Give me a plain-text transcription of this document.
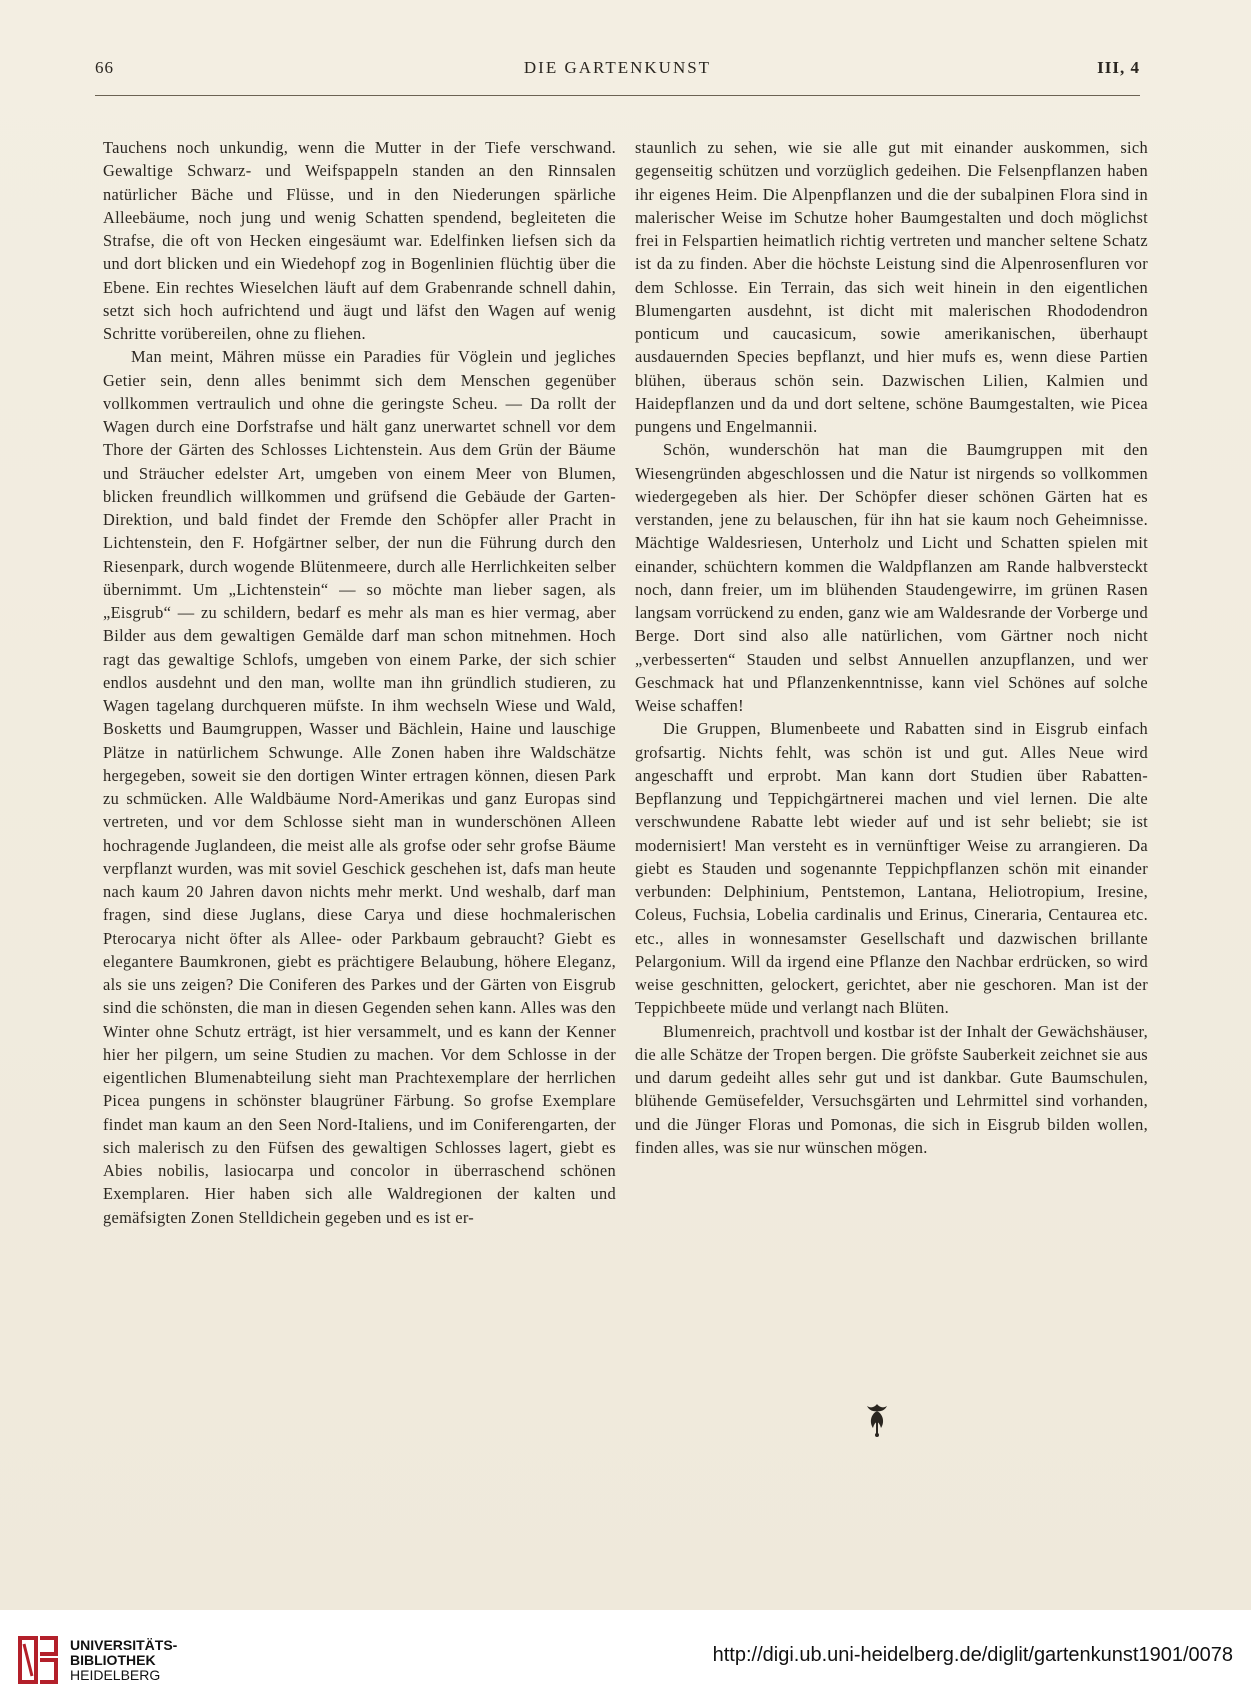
66	DIE GARTENKUNST	III, 4

Tauchens noch unkundig, wenn die Mutter in der Tiefe verschwand. Gewaltige Schwarz- und Weifspappeln standen an den Rinnsalen natürlicher Bäche und Flüsse, und in den Niederungen spärliche Alleebäume, noch jung und wenig Schatten spendend, begleiteten die Strafse, die oft von Hecken eingesäumt war. Edelfinken liefsen sich da und dort blicken und ein Wiedehopf zog in Bogenlinien flüchtig über die Ebene. Ein rechtes Wieselchen läuft auf dem Grabenrande schnell dahin, setzt sich hoch aufrichtend und äugt und läfst den Wagen auf wenig Schritte vorübereilen, ohne zu fliehen.

Man meint, Mähren müsse ein Paradies für Vöglein und jegliches Getier sein, denn alles benimmt sich dem Menschen gegenüber vollkommen vertraulich und ohne die geringste Scheu. — Da rollt der Wagen durch eine Dorfstrafse und hält ganz unerwartet schnell vor dem Thore der Gärten des Schlosses Lichtenstein. Aus dem Grün der Bäume und Sträucher edelster Art, umgeben von einem Meer von Blumen, blicken freundlich willkommen und grüfsend die Gebäude der Garten-Direktion, und bald findet der Fremde den Schöpfer aller Pracht in Lichtenstein, den F. Hofgärtner selber, der nun die Führung durch den Riesenpark, durch wogende Blütenmeere, durch alle Herrlichkeiten selber übernimmt. Um „Lichtenstein“ — so möchte man lieber sagen, als „Eisgrub“ — zu schildern, bedarf es mehr als man es hier vermag, aber Bilder aus dem gewaltigen Gemälde darf man schon mitnehmen. Hoch ragt das gewaltige Schlofs, umgeben von einem Parke, der sich schier endlos ausdehnt und den man, wollte man ihn gründlich studieren, zu Wagen tagelang durchqueren müfste. In ihm wechseln Wiese und Wald, Bosketts und Baumgruppen, Wasser und Bächlein, Haine und lauschige Plätze in natürlichem Schwunge. Alle Zonen haben ihre Waldschätze hergegeben, soweit sie den dortigen Winter ertragen können, diesen Park zu schmücken. Alle Waldbäume Nord-Amerikas und ganz Europas sind vertreten, und vor dem Schlosse sieht man in wunderschönen Alleen hochragende Juglandeen, die meist alle als grofse oder sehr grofse Bäume verpflanzt wurden, was mit soviel Geschick geschehen ist, dafs man heute nach kaum 20 Jahren davon nichts mehr merkt. Und weshalb, darf man fragen, sind diese Juglans, diese Carya und diese hochmalerischen Pterocarya nicht öfter als Allee- oder Parkbaum gebraucht? Giebt es elegantere Baumkronen, giebt es prächtigere Belaubung, höhere Eleganz, als sie uns zeigen? Die Coniferen des Parkes und der Gärten von Eisgrub sind die schönsten, die man in diesen Gegenden sehen kann. Alles was den Winter ohne Schutz erträgt, ist hier versammelt, und es kann der Kenner hier her pilgern, um seine Studien zu machen. Vor dem Schlosse in der eigentlichen Blumenabteilung sieht man Prachtexemplare der herrlichen Picea pungens in schönster blaugrüner Färbung. So grofse Exemplare findet man kaum an den Seen Nord-Italiens, und im Coniferengarten, der sich malerisch zu den Füfsen des gewaltigen Schlosses lagert, giebt es Abies nobilis, lasiocarpa und concolor in überraschend schönen Exemplaren. Hier haben sich alle Waldregionen der kalten und gemäfsigten Zonen Stelldichein gegeben und es ist er-

staunlich zu sehen, wie sie alle gut mit einander auskommen, sich gegenseitig schützen und vorzüglich gedeihen. Die Felsenpflanzen haben ihr eigenes Heim. Die Alpenpflanzen und die der subalpinen Flora sind in malerischer Weise im Schutze hoher Baumgestalten und doch möglichst frei in Felspartien heimatlich richtig vertreten und mancher seltene Schatz ist da zu finden. Aber die höchste Leistung sind die Alpenrosenfluren vor dem Schlosse. Ein Terrain, das sich weit hinein in den eigentlichen Blumengarten ausdehnt, ist dicht mit malerischen Rhododendron ponticum und caucasicum, sowie amerikanischen, überhaupt ausdauernden Species bepflanzt, und hier mufs es, wenn diese Partien blühen, überaus schön sein. Dazwischen Lilien, Kalmien und Haidepflanzen und da und dort seltene, schöne Baumgestalten, wie Picea pungens und Engelmannii.

Schön, wunderschön hat man die Baumgruppen mit den Wiesengründen abgeschlossen und die Natur ist nirgends so vollkommen wiedergegeben als hier. Der Schöpfer dieser schönen Gärten hat es verstanden, jene zu belauschen, für ihn hat sie kaum noch Geheimnisse. Mächtige Waldesriesen, Unterholz und Licht und Schatten spielen mit einander, schüchtern kommen die Waldpflanzen am Rande halbversteckt noch, dann freier, um im blühenden Staudengewirre, im grünen Rasen langsam vorrückend zu enden, ganz wie am Waldesrande der Vorberge und Berge. Dort sind also alle natürlichen, vom Gärtner noch nicht „verbesserten“ Stauden und selbst Annuellen anzupflanzen, und wer Geschmack hat und Pflanzenkenntnisse, kann viel Schönes auf solche Weise schaffen!

Die Gruppen, Blumenbeete und Rabatten sind in Eisgrub einfach grofsartig. Nichts fehlt, was schön ist und gut. Alles Neue wird angeschafft und erprobt. Man kann dort Studien über Rabatten-Bepflanzung und Teppichgärtnerei machen und viel lernen. Die alte verschwundene Rabatte lebt wieder auf und ist sehr beliebt; sie ist modernisiert! Man versteht es in vernünftiger Weise zu arrangieren. Da giebt es Stauden und sogenannte Teppichpflanzen schön mit einander verbunden: Delphinium, Pentstemon, Lantana, Heliotropium, Iresine, Coleus, Fuchsia, Lobelia cardinalis und Erinus, Cineraria, Centaurea etc. etc., alles in wonnesamster Gesellschaft und dazwischen brillante Pelargonium. Will da irgend eine Pflanze den Nachbar erdrücken, so wird weise geschnitten, gelockert, gerichtet, aber nie geschoren. Man ist der Teppichbeete müde und verlangt nach Blüten.

Blumenreich, prachtvoll und kostbar ist der Inhalt der Gewächshäuser, die alle Schätze der Tropen bergen. Die gröfste Sauberkeit zeichnet sie aus und darum gedeiht alles sehr gut und ist dankbar. Gute Baumschulen, blühende Gemüsefelder, Versuchsgärten und Lehrmittel sind vorhanden, und die Jünger Floras und Pomonas, die sich in Eisgrub bilden wollen, finden alles, was sie nur wünschen mögen.

UNIVERSITÄTS-
BIBLIOTHEK
HEIDELBERG
http://digi.ub.uni-heidelberg.de/diglit/gartenkunst1901/0078
